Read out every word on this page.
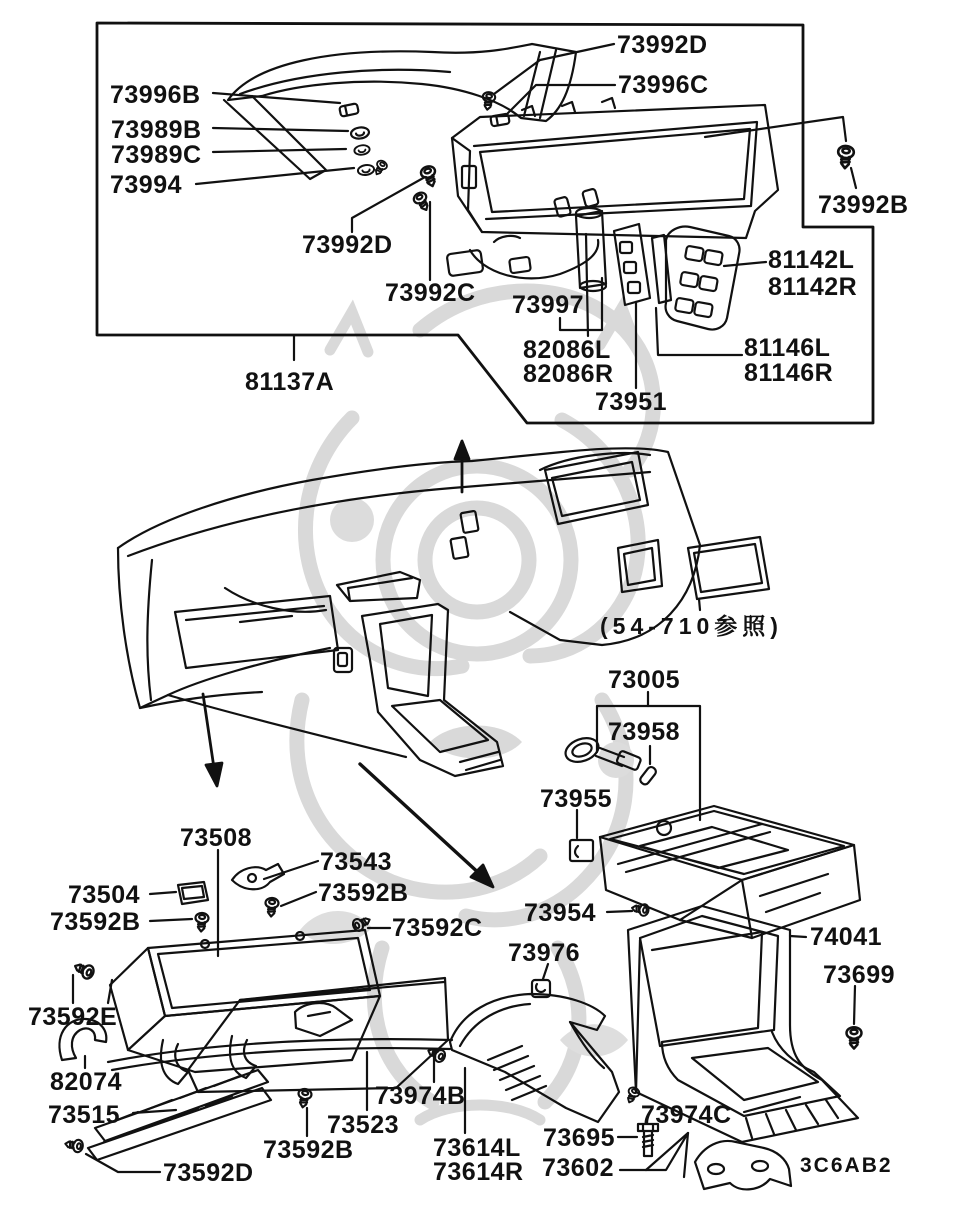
73992D
73996C
73996B
73989B
73989C
73994
73992B
73992D
73992C 73997
81142L
81142R
81146L
81146R
82086L
82086R
73951
81137A
(54-710参照)
73005
73958
73955
73954
73976
74041
73699
73508
73543
73504
73592B
73592B
73592C
73592E
82074
73515	73523
73592B
73592D
73974B
73614L
73614R
73974C
73695
73602	3C6AB2
